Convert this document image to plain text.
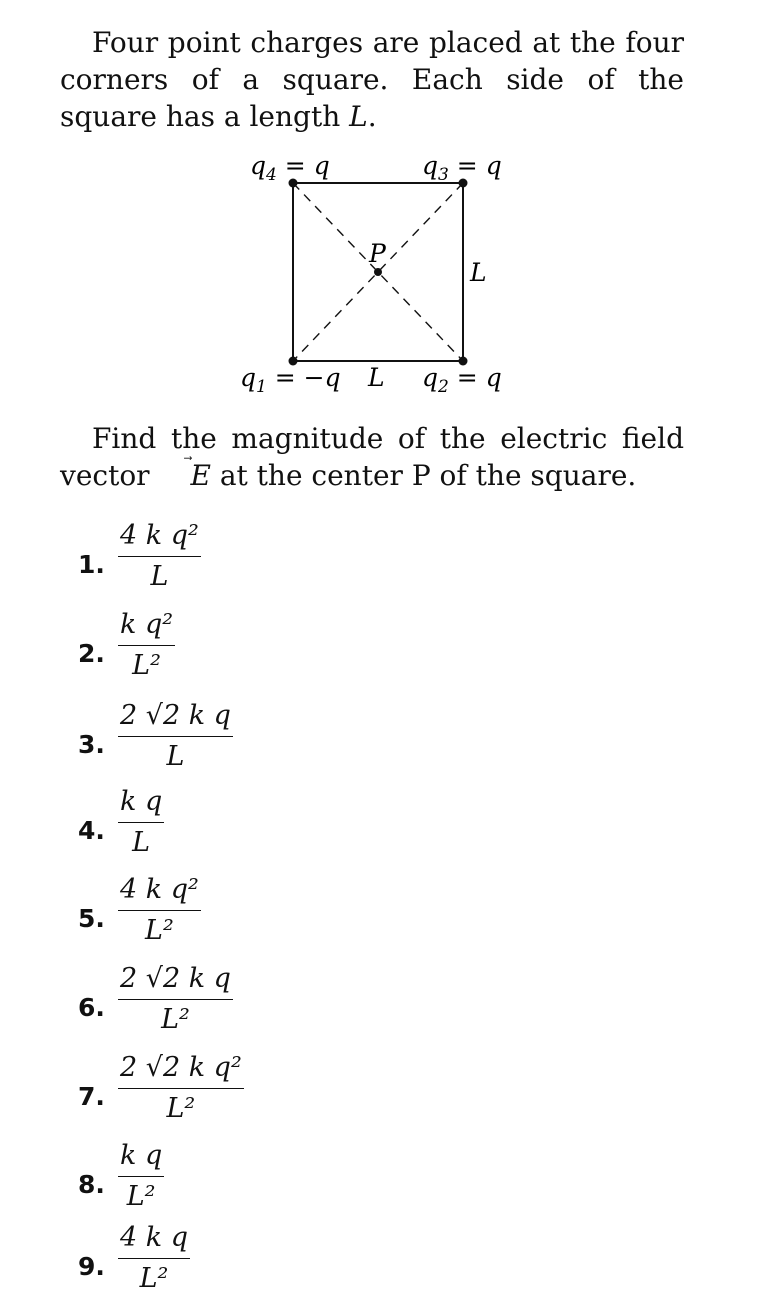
Four point charges are placed at the four corners of a square. Each side of the square has a length L.

$q_4 = q$	$q_3 = q$
$q_1 = -q$ L $q_2 = q$
L
P

Find the magnitude of the electric field vector E
at the center P of the square.

1.
4 k q²
L
2.
k q²
L²
3.
2 √2 k q
L
4.
k q
L
5.
4 k q²
L²
6.
2 √2 k q
L²
7.
2 √2 k q²
L²
8.
k q
L²
9.
4 k q
L²
